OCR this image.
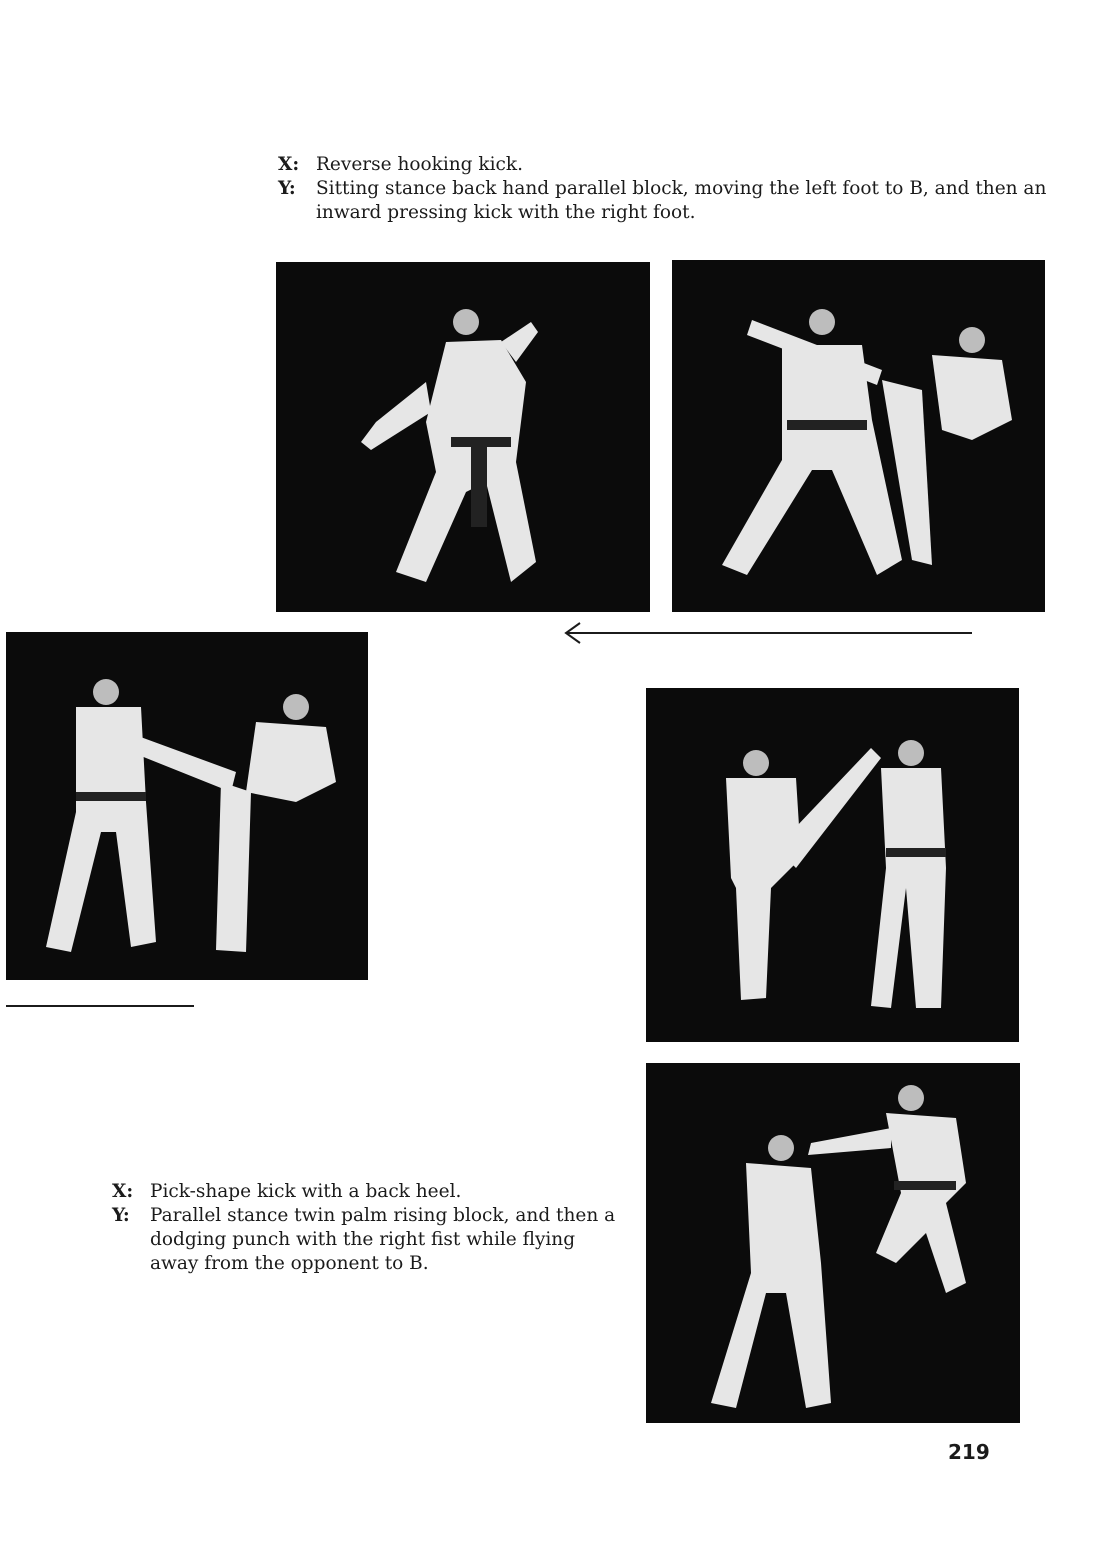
X: Reverse hooking kick.
Y:	Sitting stance back hand parallel block, moving the left foot to B, and then an inward pressing kick with the right foot.
X: Pick-shape kick with a back heel.
Y:	Parallel stance twin palm rising block, and then a dodging punch with the right fist while flying away from the opponent to B.
219
